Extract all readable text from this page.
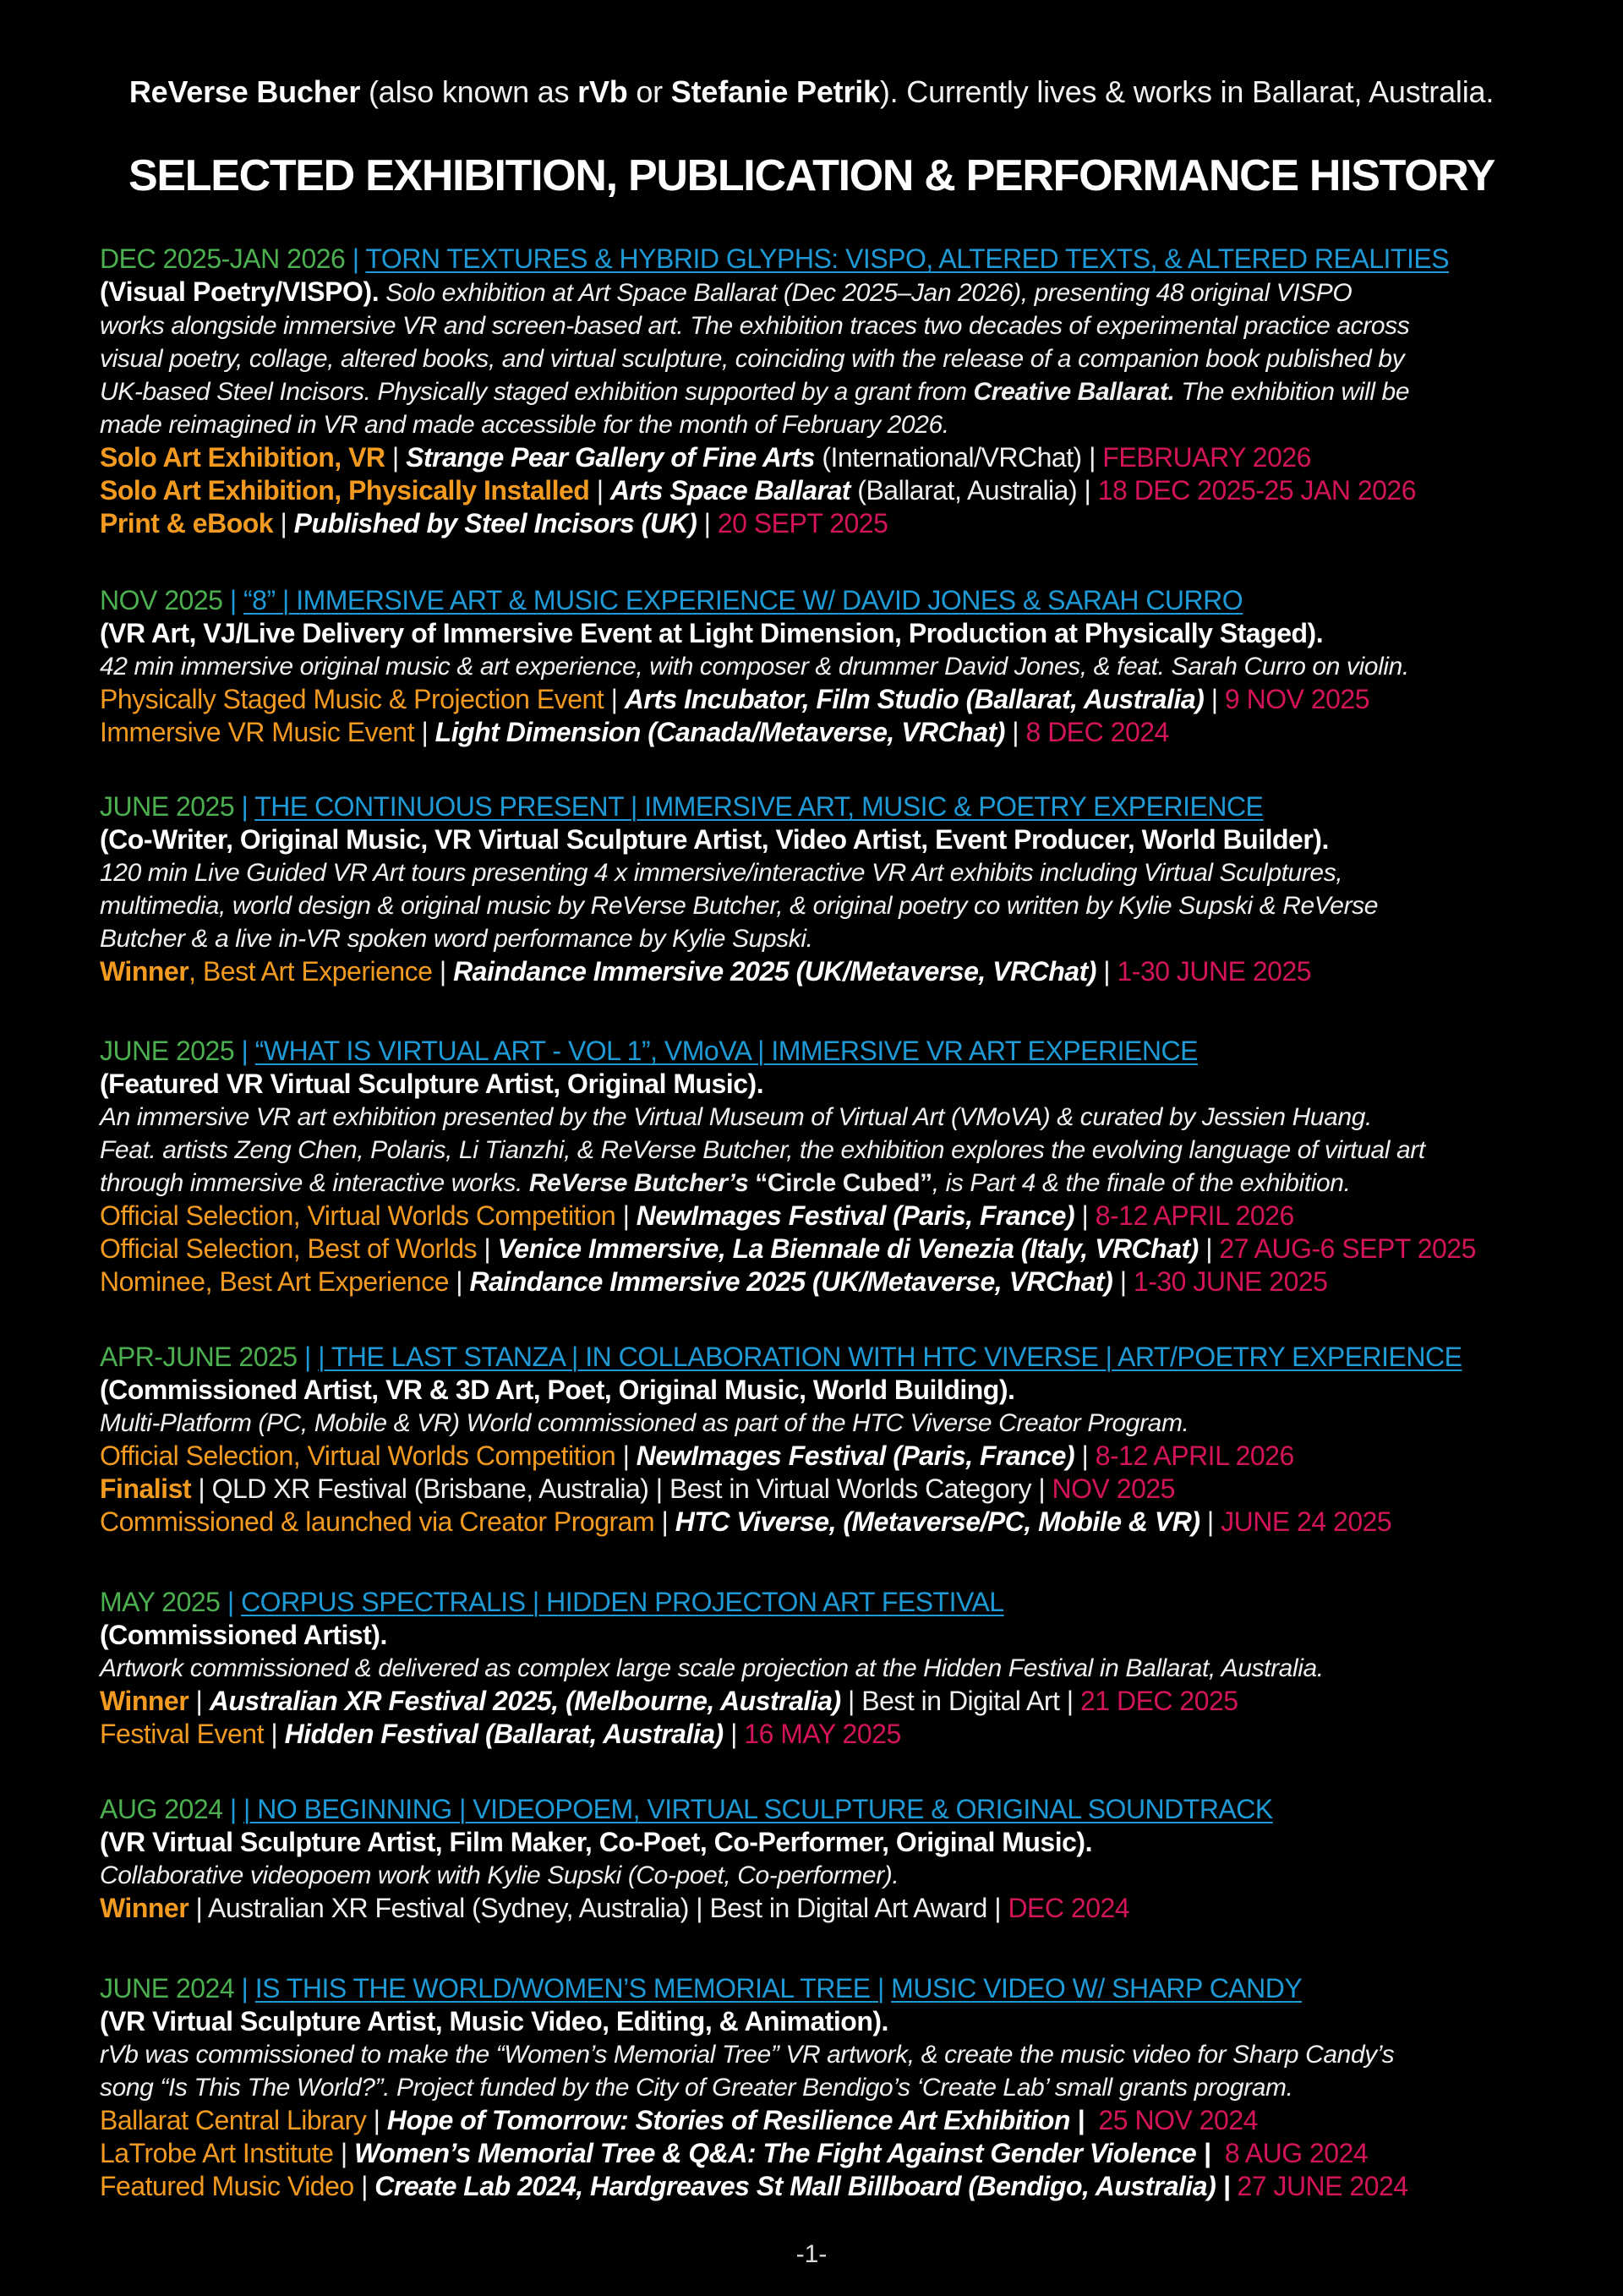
ReVerse Bucher (also known as rVb or Stefanie Petrik). Currently lives & works in Ballarat, Australia.
SELECTED EXHIBITION, PUBLICATION & PERFORMANCE HISTORY
DEC 2025-JAN 2026 | TORN TEXTURES & HYBRID GLYPHS: VISPO, ALTERED TEXTS, & ALTERED REALITIES
(Visual Poetry/VISPO). Solo exhibition at Art Space Ballarat (Dec 2025–Jan 2026), presenting 48 original VISPO
works alongside immersive VR and screen-based art. The exhibition traces two decades of experimental practice across
visual poetry, collage, altered books, and virtual sculpture, coinciding with the release of a companion book published by
UK-based Steel Incisors. Physically staged exhibition supported by a grant from Creative Ballarat. The exhibition will be
made reimagined in VR and made accessible for the month of February 2026.
Solo Art Exhibition, VR | Strange Pear Gallery of Fine Arts (International/VRChat) | FEBRUARY 2026
Solo Art Exhibition, Physically Installed | Arts Space Ballarat (Ballarat, Australia) | 18 DEC 2025-25 JAN 2026
Print & eBook | Published by Steel Incisors (UK) | 20 SEPT 2025
NOV 2025 | “8” | IMMERSIVE ART & MUSIC EXPERIENCE W/ DAVID JONES & SARAH CURRO
(VR Art, VJ/Live Delivery of Immersive Event at Light Dimension, Production at Physically Staged).
42 min immersive original music & art experience, with composer & drummer David Jones, & feat. Sarah Curro on violin.
Physically Staged Music & Projection Event | Arts Incubator, Film Studio (Ballarat, Australia) | 9 NOV 2025
Immersive VR Music Event | Light Dimension (Canada/Metaverse, VRChat) | 8 DEC 2024
JUNE 2025 | THE CONTINUOUS PRESENT | IMMERSIVE ART, MUSIC & POETRY EXPERIENCE
(Co-Writer, Original Music, VR Virtual Sculpture Artist, Video Artist, Event Producer, World Builder).
120 min Live Guided VR Art tours presenting 4 x immersive/interactive VR Art exhibits including Virtual Sculptures,
multimedia, world design & original music by ReVerse Butcher, & original poetry co written by Kylie Supski & ReVerse
Butcher & a live in-VR spoken word performance by Kylie Supski.
Winner, Best Art Experience | Raindance Immersive 2025 (UK/Metaverse, VRChat) | 1-30 JUNE 2025
JUNE 2025 | “WHAT IS VIRTUAL ART - VOL 1”, VMoVA | IMMERSIVE VR ART EXPERIENCE
(Featured VR Virtual Sculpture Artist, Original Music).
An immersive VR art exhibition presented by the Virtual Museum of Virtual Art (VMoVA) & curated by Jessien Huang.
Feat. artists Zeng Chen, Polaris, Li Tianzhi, & ReVerse Butcher, the exhibition explores the evolving language of virtual art
through immersive & interactive works. ReVerse Butcher’s “Circle Cubed”, is Part 4 & the finale of the exhibition.
Official Selection, Virtual Worlds Competition | NewImages Festival (Paris, France) | 8-12 APRIL 2026
Official Selection, Best of Worlds | Venice Immersive, La Biennale di Venezia (Italy, VRChat) | 27 AUG-6 SEPT 2025
Nominee, Best Art Experience | Raindance Immersive 2025 (UK/Metaverse, VRChat) | 1-30 JUNE 2025
APR-JUNE 2025 | | THE LAST STANZA | IN COLLABORATION WITH HTC VIVERSE | ART/POETRY EXPERIENCE
(Commissioned Artist, VR & 3D Art, Poet, Original Music, World Building).
Multi-Platform (PC, Mobile & VR) World commissioned as part of the HTC Viverse Creator Program.
Official Selection, Virtual Worlds Competition | NewImages Festival (Paris, France) | 8-12 APRIL 2026
Finalist | QLD XR Festival (Brisbane, Australia) | Best in Virtual Worlds Category | NOV 2025
Commissioned & launched via Creator Program | HTC Viverse, (Metaverse/PC, Mobile & VR) | JUNE 24 2025
MAY 2025 | CORPUS SPECTRALIS | HIDDEN PROJECTON ART FESTIVAL
(Commissioned Artist).
Artwork commissioned & delivered as complex large scale projection at the Hidden Festival in Ballarat, Australia.
Winner | Australian XR Festival 2025, (Melbourne, Australia) | Best in Digital Art | 21 DEC 2025
Festival Event | Hidden Festival (Ballarat, Australia) | 16 MAY 2025
AUG 2024 | | NO BEGINNING | VIDEOPOEM, VIRTUAL SCULPTURE & ORIGINAL SOUNDTRACK
(VR Virtual Sculpture Artist, Film Maker, Co-Poet, Co-Performer, Original Music).
Collaborative videopoem work with Kylie Supski (Co-poet, Co-performer).
Winner | Australian XR Festival (Sydney, Australia) | Best in Digital Art Award | DEC 2024
JUNE 2024 | IS THIS THE WORLD/WOMEN’S MEMORIAL TREE | MUSIC VIDEO W/ SHARP CANDY
(VR Virtual Sculpture Artist, Music Video, Editing, & Animation).
rVb was commissioned to make the “Women’s Memorial Tree” VR artwork, & create the music video for Sharp Candy’s
song “Is This The World?”. Project funded by the City of Greater Bendigo’s ‘Create Lab’ small grants program.
Ballarat Central Library | Hope of Tomorrow: Stories of Resilience Art Exhibition | 25 NOV 2024
LaTrobe Art Institute | Women’s Memorial Tree & Q&A: The Fight Against Gender Violence | 8 AUG 2024
Featured Music Video | Create Lab 2024, Hardgreaves St Mall Billboard (Bendigo, Australia) | 27 JUNE 2024
-1-
